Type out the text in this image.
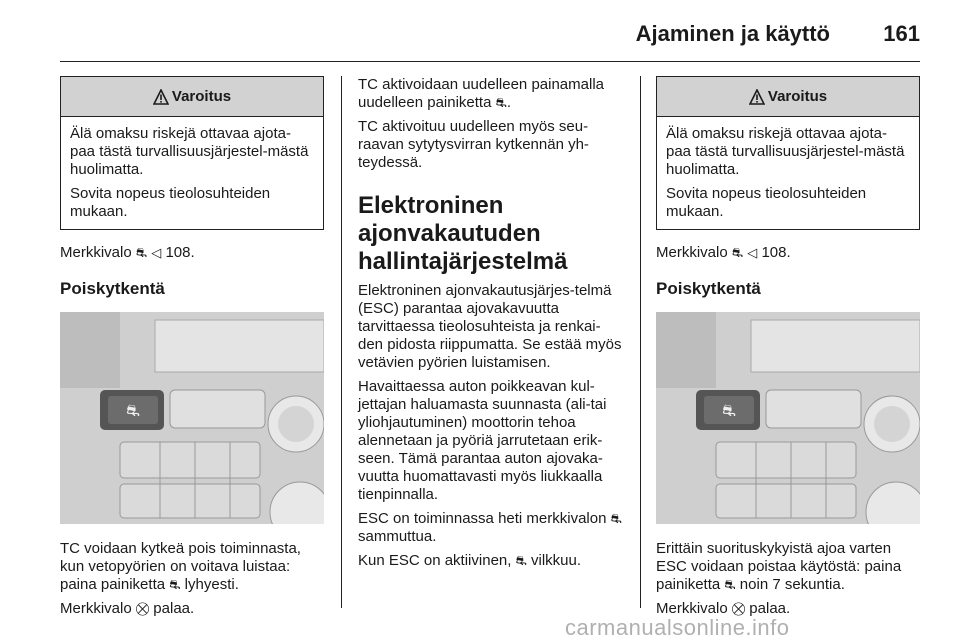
Ajaminen ja käyttö 161
Varoitus

Älä omaksu riskejä ottavaa ajota-paa tästä turvallisuusjärjestel-mästä huolimatta.

Sovita nopeus tieolosuhteiden mukaan.

Merkkivalo ⛐ ◁ 108.

Poiskytkentä
⛐

TC voidaan kytkeä pois toiminnasta, kun vetopyörien on voitava luistaa: paina painiketta ⛐ lyhyesti.

Merkkivalo ⛒ palaa.

TC aktivoidaan uudelleen painamalla uudelleen painiketta ⛐.

TC aktivoituu uudelleen myös seu-raavan sytytysvirran kytkennän yh-teydessä.

Elektroninen ajonvakautuden hallintajärjestelmä

Elektroninen ajonvakautusjärjes-telmä (ESC) parantaa ajovakavuutta tarvittaessa tieolosuhteista ja renkai-den pidosta riippumatta. Se estää myös vetävien pyörien luistamisen.

Havaittaessa auton poikkeavan kul-jettajan haluamasta suunnasta (ali-tai yliohjautuminen) moottorin tehoa alennetaan ja pyöriä jarrutetaan erik-seen. Tämä parantaa auton ajovaka-vuutta huomattavasti myös liukkaalla tienpinnalla.

ESC on toiminnassa heti merkkivalon ⛐ sammuttua.

Kun ESC on aktiivinen, ⛐ vilkkuu.

Varoitus

Älä omaksu riskejä ottavaa ajota-paa tästä turvallisuusjärjestel-mästä huolimatta.

Sovita nopeus tieolosuhteiden mukaan.

Merkkivalo ⛐ ◁ 108.

Poiskytkentä
⛐

Erittäin suorituskykyistä ajoa varten ESC voidaan poistaa käytöstä: paina painiketta ⛐ noin 7 sekuntia.

Merkkivalo ⛒ palaa.

carmanualsonline.info
